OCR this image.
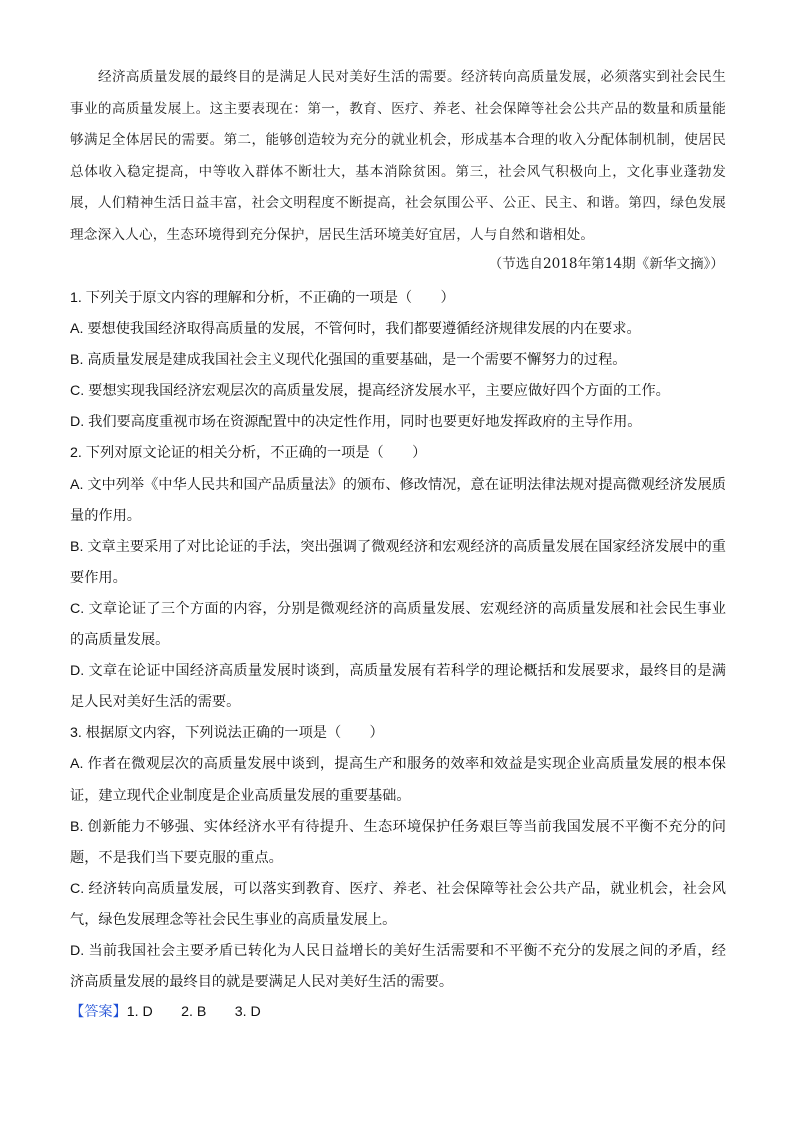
经济高质量发展的最终目的是满足人民对美好生活的需要。经济转向高质量发展，必须落实到社会民生事业的高质量发展上。这主要表现在：第一，教育、医疗、养老、社会保障等社会公共产品的数量和质量能够满足全体居民的需要。第二，能够创造较为充分的就业机会，形成基本合理的收入分配体制机制，使居民总体收入稳定提高，中等收入群体不断壮大，基本消除贫困。第三，社会风气积极向上，文化事业蓬勃发展，人们精神生活日益丰富，社会文明程度不断提高，社会氛围公平、公正、民主、和谐。第四，绿色发展理念深入人心，生态环境得到充分保护，居民生活环境美好宜居，人与自然和谐相处。

（节选自2018年第14期《新华文摘》）

1. 下列关于原文内容的理解和分析，不正确的一项是（　　）

A. 要想使我国经济取得高质量的发展，不管何时，我们都要遵循经济规律发展的内在要求。

B. 高质量发展是建成我国社会主义现代化强国的重要基础，是一个需要不懈努力的过程。

C. 要想实现我国经济宏观层次的高质量发展，提高经济发展水平，主要应做好四个方面的工作。

D. 我们要高度重视市场在资源配置中的决定性作用，同时也要更好地发挥政府的主导作用。

2. 下列对原文论证的相关分析，不正确的一项是（　　）

A. 文中列举《中华人民共和国产品质量法》的颁布、修改情况，意在证明法律法规对提高微观经济发展质量的作用。

B. 文章主要采用了对比论证的手法，突出强调了微观经济和宏观经济的高质量发展在国家经济发展中的重要作用。

C. 文章论证了三个方面的内容，分别是微观经济的高质量发展、宏观经济的高质量发展和社会民生事业的高质量发展。

D. 文章在论证中国经济高质量发展时谈到，高质量发展有若科学的理论概括和发展要求，最终目的是满足人民对美好生活的需要。

3. 根据原文内容，下列说法正确的一项是（　　）

A. 作者在微观层次的高质量发展中谈到，提高生产和服务的效率和效益是实现企业高质量发展的根本保证，建立现代企业制度是企业高质量发展的重要基础。

B. 创新能力不够强、实体经济水平有待提升、生态环境保护任务艰巨等当前我国发展不平衡不充分的问题，不是我们当下要克服的重点。

C. 经济转向高质量发展，可以落实到教育、医疗、养老、社会保障等社会公共产品，就业机会，社会风气，绿色发展理念等社会民生事业的高质量发展上。

D. 当前我国社会主要矛盾已转化为人民日益增长的美好生活需要和不平衡不充分的发展之间的矛盾，经济高质量发展的最终目的就是要满足人民对美好生活的需要。

【答案】1. D　　2. B　　3. D
